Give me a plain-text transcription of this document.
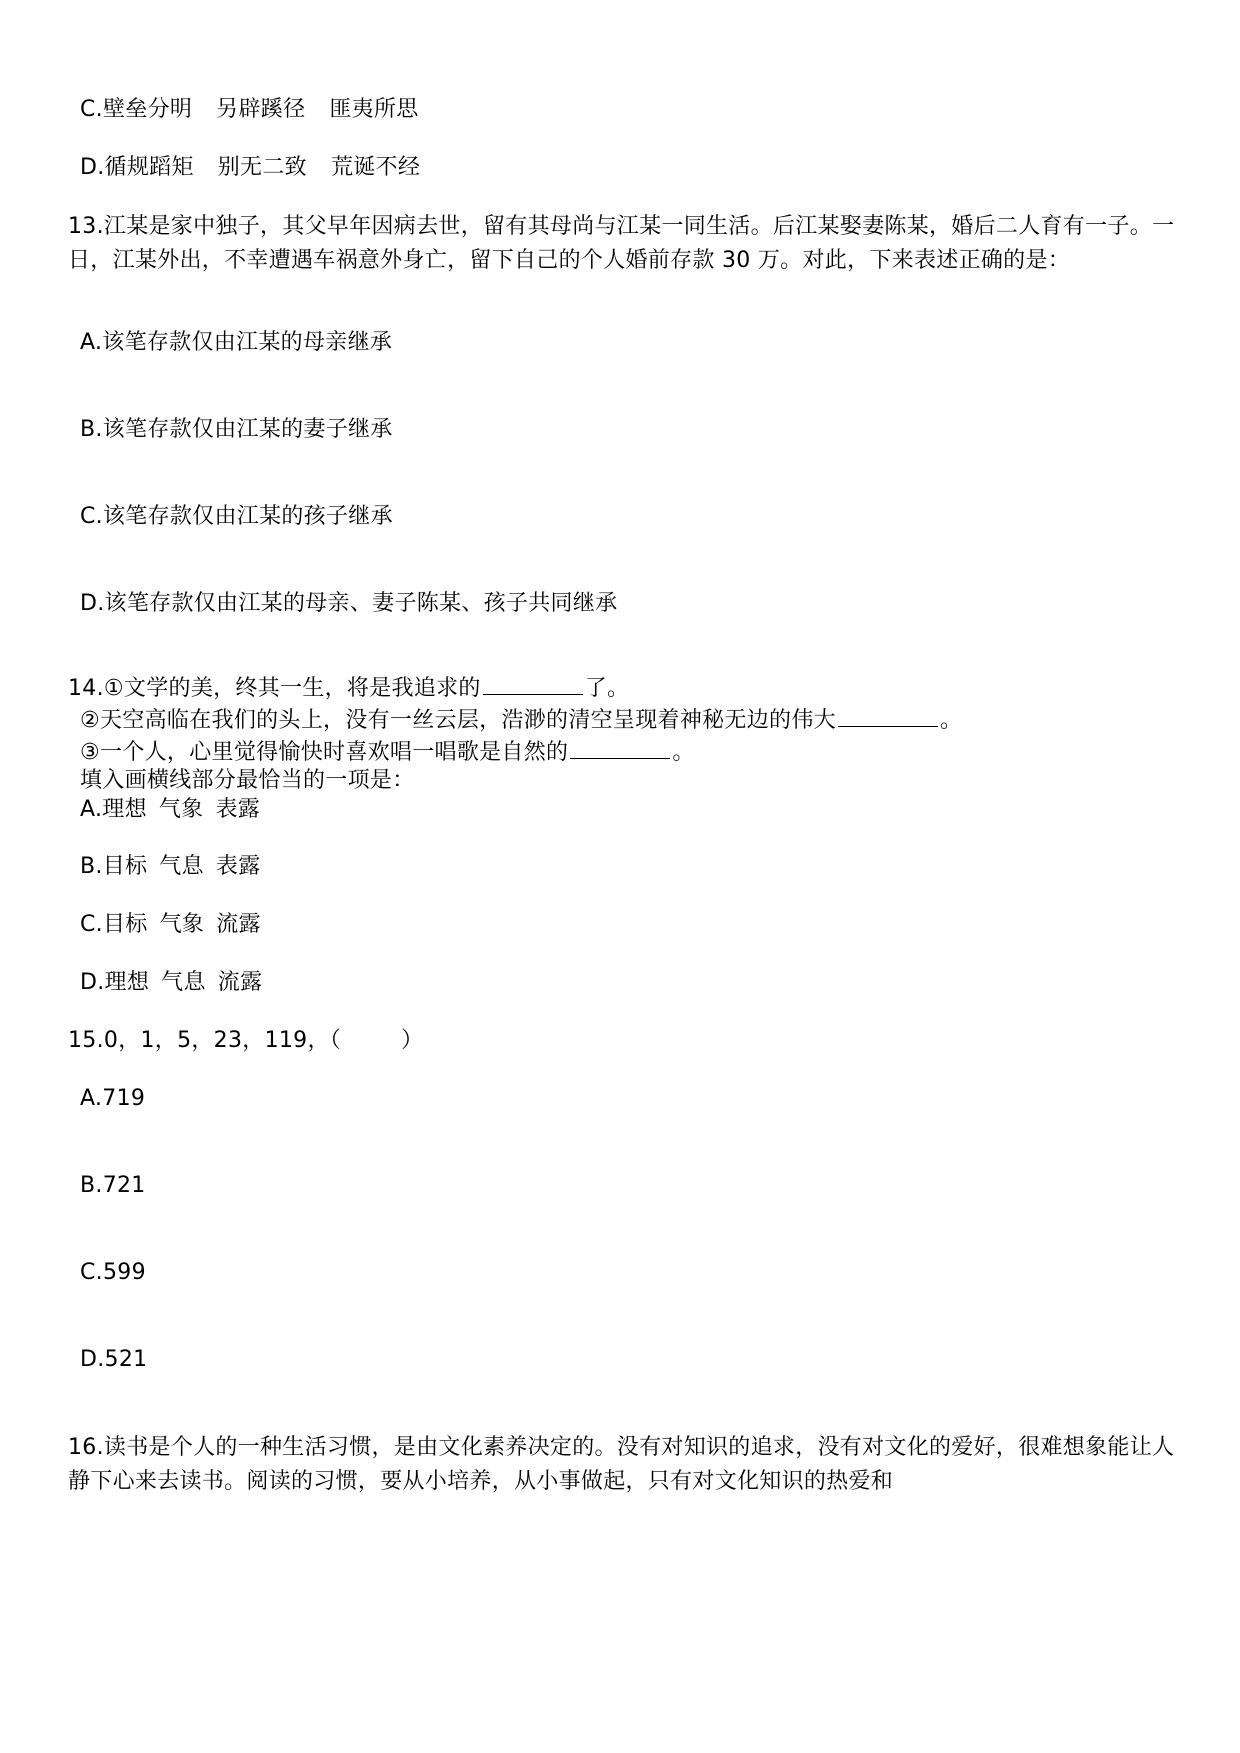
C.壁垒分明 另辟蹊径 匪夷所思
D.循规蹈矩 别无二致 荒诞不经
13.江某是家中独子，其父早年因病去世，留有其母尚与江某一同生活。后江某娶妻陈某，婚后二人育有一子。一日，江某外出，不幸遭遇车祸意外身亡，留下自己的个人婚前存款 30 万。对此，下来表述正确的是：
A.该笔存款仅由江某的母亲继承
B.该笔存款仅由江某的妻子继承
C.该笔存款仅由江某的孩子继承
D.该笔存款仅由江某的母亲、妻子陈某、孩子共同继承
14.①文学的美，终其一生，将是我追求的	了。
②天空高临在我们的头上，没有一丝云层，浩渺的清空呈现着神秘无边的伟大	。
③一个人，心里觉得愉快时喜欢唱一唱歌是自然的	。
填入画横线部分最恰当的一项是：
A.理想 气象 表露
B.目标 气息 表露
C.目标 气象 流露
D.理想 气息 流露
15.0，1，5，23，119，（	）
A.719
B.721
C.599
D.521
16.读书是个人的一种生活习惯，是由文化素养决定的。没有对知识的追求，没有对文化的爱好，很难想象能让人静下心来去读书。阅读的习惯，要从小培养，从小事做起，只有对文化知识的热爱和
